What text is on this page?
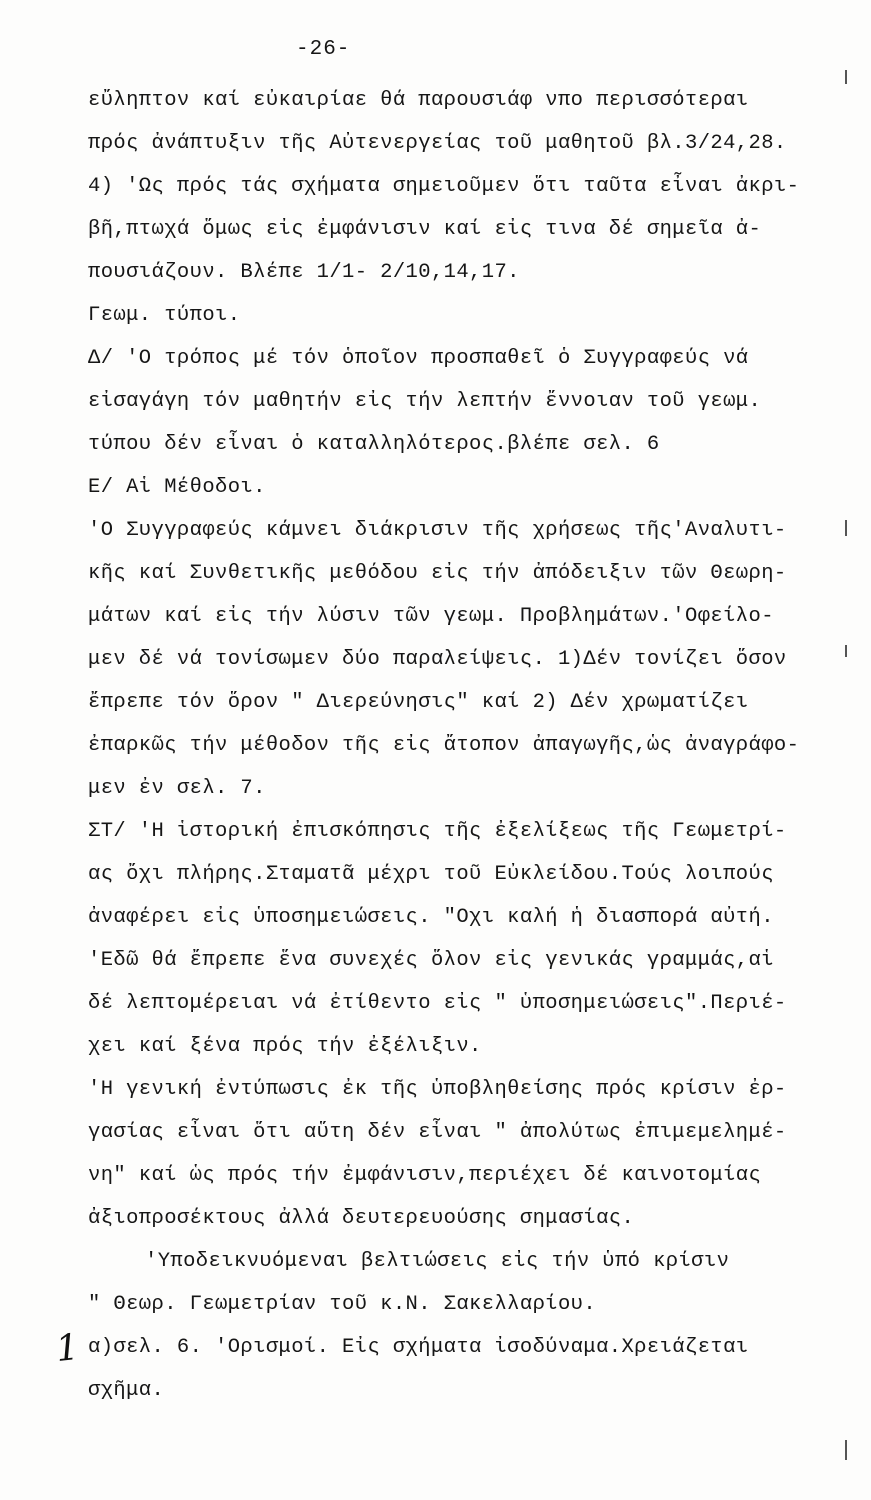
-26-
εὔληπτον καί εὐκαιρίαε θά παρουσιάφ νπο περισσότεραι
πρός ἀνάπτυξιν τῆς Αὐτενεργείας τοῦ μαθητοῦ βλ.3/24,28.
4) 'Ως πρός τάς σχήματα σημειοῦμεν ὅτι ταῦτα εἶναι ἀκρι-
βῆ,πτωχά ὅμως εἰς ἐμφάνισιν καί εἰς τινα δέ σημεῖα ἀ-
πουσιάζουν. Βλέπε 1/1- 2/10,14,17.
Γεωμ. τύποι.
Δ/ 'Ο τρόπος μέ τόν ὁποῖον προσπαθεῖ ὁ Συγγραφεύς νά
εἰσαγάγη τόν μαθητήν εἰς τήν λεπτήν ἔννοιαν τοῦ γεωμ.
τύπου δέν εἶναι ὁ καταλληλότερος.βλέπε σελ. 6
Ε/ Αἱ Μέθοδοι.
'Ο Συγγραφεύς κάμνει διάκρισιν τῆς χρήσεως τῆς'Αναλυτι-
κῆς καί Συνθετικῆς μεθόδου εἰς τήν ἀπόδειξιν τῶν Θεωρη-
μάτων καί εἰς τήν λύσιν τῶν γεωμ. Προβλημάτων.'Οφείλο-
μεν δέ νά τονίσωμεν δύο παραλείψεις. 1)Δέν τονίζει ὅσον
ἔπρεπε τόν ὅρον " Διερεύνησις" καί 2) Δέν χρωματίζει
ἐπαρκῶς τήν μέθοδον τῆς εἰς ἄτοπον ἀπαγωγῆς,ὡς ἀναγράφο-
μεν ἐν σελ. 7.
ΣΤ/ 'Η ἱστορική ἐπισκόπησις τῆς ἐξελίξεως τῆς Γεωμετρί-
ας ὄχι πλήρης.Σταματᾶ μέχρι τοῦ Εὐκλείδου.Τούς λοιπούς
ἀναφέρει εἰς ὑποσημειώσεις. "Οχι καλή ἡ διασπορά αὐτή.
'Εδῶ θά ἔπρεπε ἕνα συνεχές ὅλον εἰς γενικάς γραμμάς,αἱ
δέ λεπτομέρειαι νά ἐτίθεντο εἰς " ὑποσημειώσεις".Περιέ-
χει καί ξένα πρός τήν ἐξέλιξιν.
'Η γενική ἐντύπωσις ἐκ τῆς ὑποβληθείσης πρός κρίσιν ἐρ-
γασίας εἶναι ὅτι αὕτη δέν εἶναι " ἀπολύτως ἐπιμεμελημέ-
νη" καί ὡς πρός τήν ἐμφάνισιν,περιέχει δέ καινοτομίας
ἀξιοπροσέκτους ἀλλά δευτερευούσης σημασίας.
'Υποδεικνυόμεναι βελτιώσεις εἰς τήν ὑπό κρίσιν
" Θεωρ. Γεωμετρίαν τοῦ κ.Ν. Σακελλαρίου.
α)σελ. 6. 'Ορισμοί. Εἰς σχήματα ἰσοδύναμα.Χρειάζεται
σχῆμα.
1
